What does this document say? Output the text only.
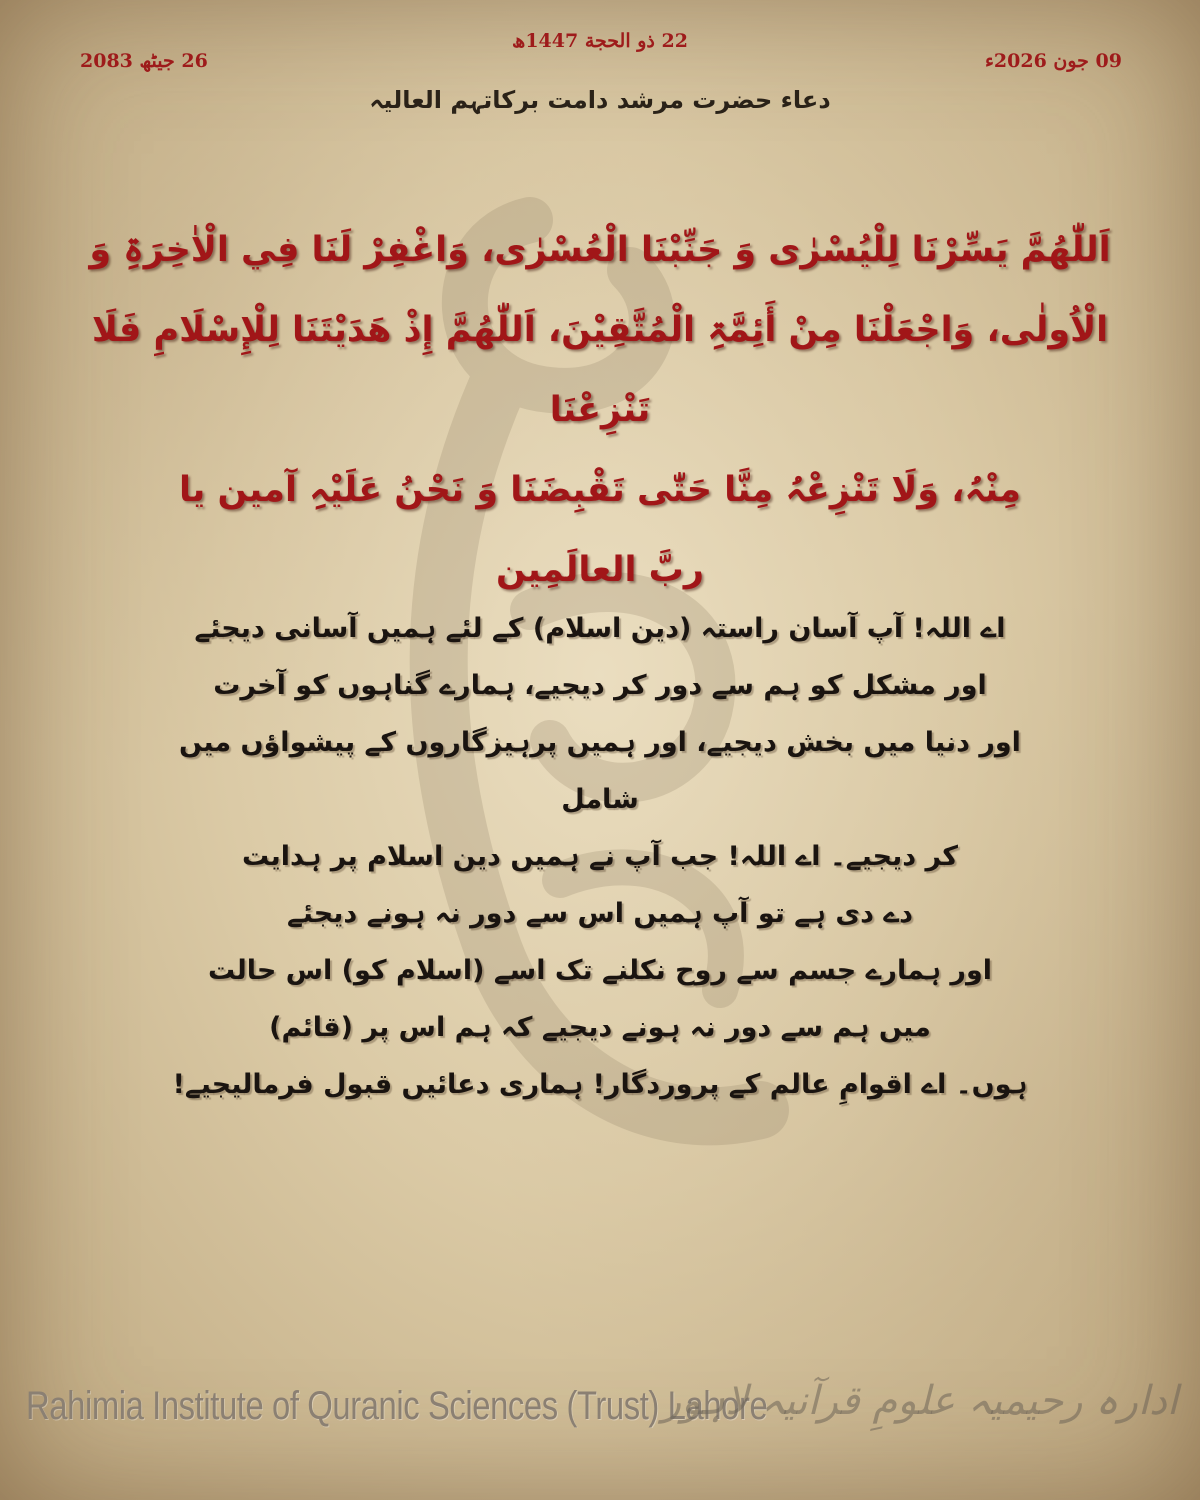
22 ذو الحجة 1447ھ
26 جیٹھ 2083	09 جون 2026ء
دعاء حضرت مرشد دامت برکاتہم العالیہ
اَللّٰھُمَّ یَسِّرْنَا لِلْیُسْرٰی وَ جَنِّبْنَا الْعُسْرٰی، وَاغْفِرْ لَنَا فِي الْاٰخِرَۃِ وَ
الْاُولٰی، وَاجْعَلْنَا مِنْ أَئِمَّۃِ الْمُتَّقِیْنَ، اَللّٰھُمَّ إِذْ ھَدَیْتَنَا لِلْإِسْلَامِ فَلَا تَنْزِعْنَا
مِنْہُ، وَلَا تَنْزِعْہُ مِنَّا حَتّٰی تَقْبِضَنَا وَ نَحْنُ عَلَیْہِ آمین یا
ربَّ العالَمِین
اے اللہ! آپ آسان راستہ (دین اسلام) کے لئے ہمیں آسانی دیجئے
اور مشکل کو ہم سے دور کر دیجیے، ہمارے گناہوں کو آخرت
اور دنیا میں بخش دیجیے، اور ہمیں پرہیزگاروں کے پیشواؤں میں شامل
کر دیجیے۔ اے اللہ! جب آپ نے ہمیں دین اسلام پر ہدایت
دے دی ہے تو آپ ہمیں اس سے دور نہ ہونے دیجئے
اور ہمارے جسم سے روح نکلنے تک اسے (اسلام کو) اس حالت
میں ہم سے دور نہ ہونے دیجیے کہ ہم اس پر (قائم)
ہوں۔ اے اقوامِ عالم کے پروردگار! ہماری دعائیں قبول فرمالیجیے!
Rahimia Institute of Quranic Sciences (Trust) Lahore
ادارہ رحیمیہ علومِ قرآنیہ لاہور
